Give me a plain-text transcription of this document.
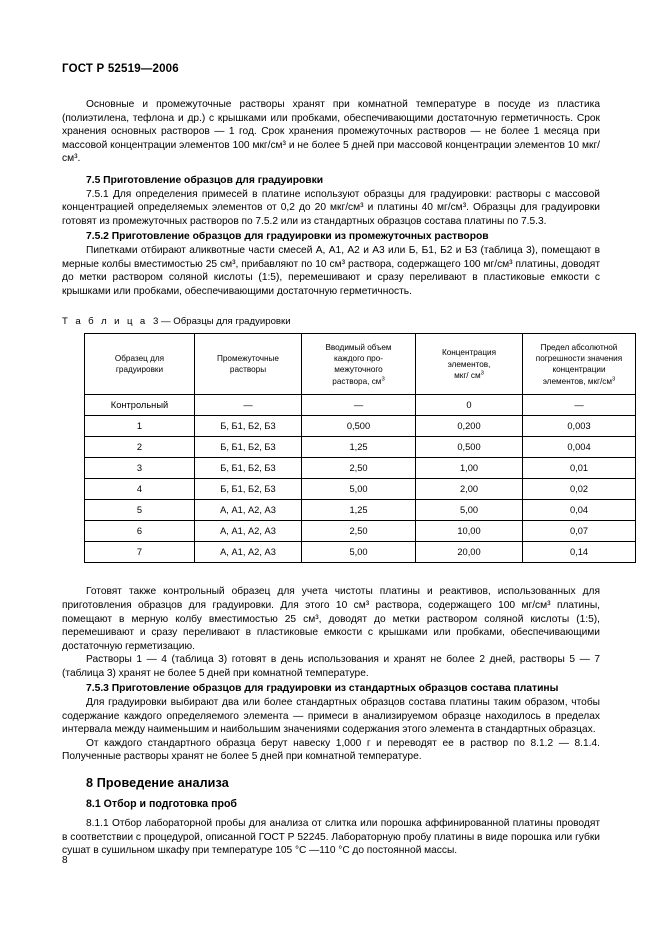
ГОСТ Р 52519—2006

Основные и промежуточные растворы хранят при комнатной температуре в посуде из пластика (полиэтилена, тефлона и др.) с крышками или пробками, обеспечивающими достаточную герметичность. Срок хранения основных растворов — 1 год. Срок хранения промежуточных растворов — не более 1 месяца при массовой концентрации элементов 100 мкг/см³ и не более 5 дней при массовой концентрации элементов 10 мкг/см³.

7.5 Приготовление образцов для градуировки

7.5.1 Для определения примесей в платине используют образцы для градуировки: растворы с массовой концентрацией определяемых элементов от 0,2 до 20 мкг/см³ и платины 40 мг/см³. Образцы для градуировки готовят из промежуточных растворов по 7.5.2 или из стандартных образцов состава платины по 7.5.3.

7.5.2 Приготовление образцов для градуировки из промежуточных растворов

Пипетками отбирают аликвотные части смесей А, А1, А2 и А3 или Б, Б1, Б2 и Б3 (таблица 3), помещают в мерные колбы вместимостью 25 см³, прибавляют по 10 см³ раствора, содержащего 100 мг/см³ платины, доводят до метки раствором соляной кислоты (1:5), перемешивают и сразу переливают в пластиковые емкости с крышками или пробками, обеспечивающими достаточную герметичность.

Т а б л и ц а 3 — Образцы для градуировки
Образец для
градуировки	Промежуточные
растворы	Вводимый объем
каждого про-
межуточного
раствора, $см^3$	Концентрация
элементов,
мкг/ $см^3$	Предел абсолютной
погрешности значения
концентрации
элементов, мкг/$см^3$
Контрольный	—	—	0	—
1	Б, Б1, Б2, Б3	0,500	0,200	0,003
2	Б, Б1, Б2, Б3	1,25	0,500	0,004
3	Б, Б1, Б2, Б3	2,50	1,00	0,01
4	Б, Б1, Б2, Б3	5,00	2,00	0,02
5	А, А1, А2, А3	1,25	5,00	0,04
6	А, А1, А2, А3	2,50	10,00	0,07
7	А, А1, А2, А3	5,00	20,00	0,14

Готовят также контрольный образец для учета чистоты платины и реактивов, использованных для приготовления образцов для градуировки. Для этого 10 см³ раствора, содержащего 100 мг/см³ платины, помещают в мерную колбу вместимостью 25 см³, доводят до метки раствором соляной кислоты (1:5), перемешивают и сразу переливают в пластиковые емкости с крышками или пробками, обеспечивающими достаточную герметизацию.

Растворы 1 — 4 (таблица 3) готовят в день использования и хранят не более 2 дней, растворы 5 — 7 (таблица 3) хранят не более 5 дней при комнатной температуре.

7.5.3 Приготовление образцов для градуировки из стандартных образцов состава платины

Для градуировки выбирают два или более стандартных образцов состава платины таким образом, чтобы содержание каждого определяемого элемента — примеси в анализируемом образце находилось в пределах интервала между наименьшим и наибольшим значениями содержания этого элемента в стандартных образцах.

От каждого стандартного образца берут навеску 1,000 г и переводят ее в раствор по 8.1.2 — 8.1.4. Полученные растворы хранят не более 5 дней при комнатной температуре.

8 Проведение анализа
8.1 Отбор и подготовка проб

8.1.1 Отбор лабораторной пробы для анализа от слитка или порошка аффинированной платины проводят в соответствии с процедурой, описанной ГОСТ Р 52245. Лабораторную пробу платины в виде порошка или губки сушат в сушильном шкафу при температуре 105 °С —110 °С до постоянной массы.

8
